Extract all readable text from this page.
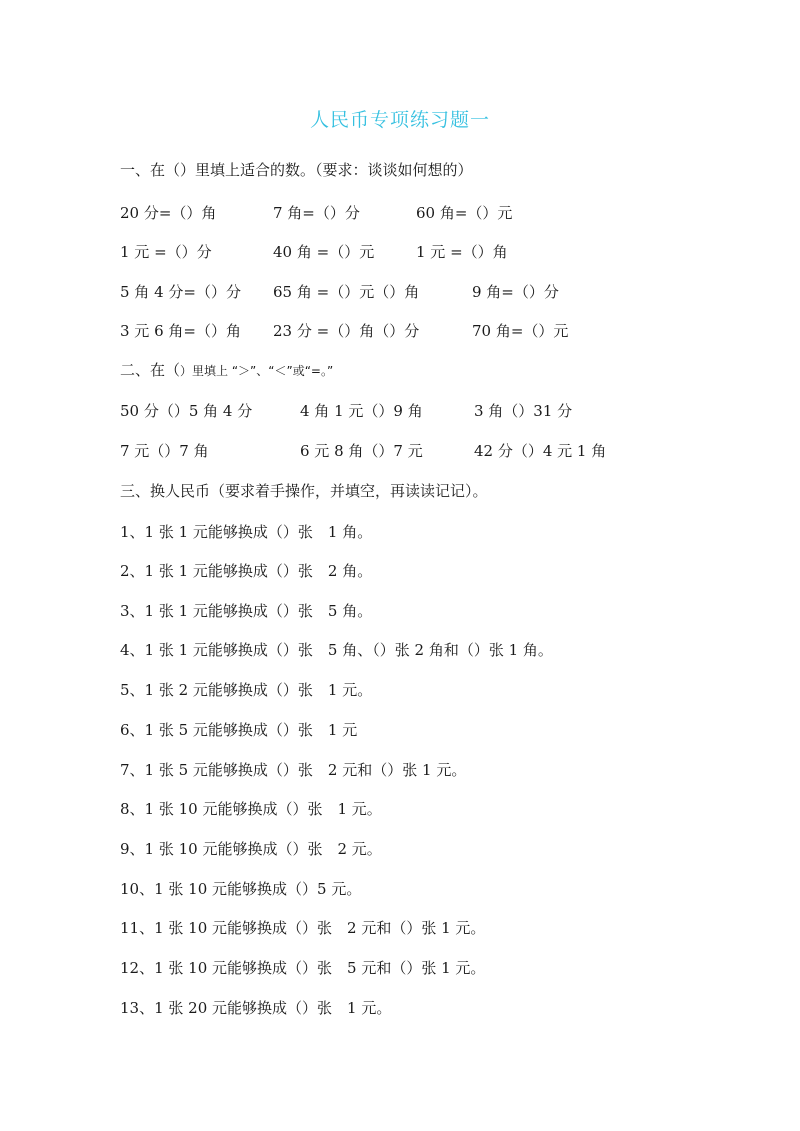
人民币专项练习题一
一、在（）里填上适合的数。（要求：谈谈如何想的）
20 分=（）角	7 角=（）分	60 角=（）元
1 元 =（）分	40 角 =（）元	1 元 =（）角
5 角 4 分=（）分 65 角 =（）元（）角	9 角=（）分
3 元 6 角=（）角 23 分 =（）角（）分	70 角=（）元
二、在（）里填上 “＞”、“＜”或“=。”
50 分（）5 角 4 分	4 角 1 元（）9 角	3 角（）31 分
7 元（）7 角	6 元 8 角（）7 元	42 分（）4 元 1 角
三、换人民币（要求着手操作，并填空，再读读记记）。
1、1 张 1 元能够换成（）张　1 角。
2、1 张 1 元能够换成（）张　2 角。
3、1 张 1 元能够换成（）张　5 角。
4、1 张 1 元能够换成（）张　5 角、（）张 2 角和（）张 1 角。
5、1 张 2 元能够换成（）张　1 元。
6、1 张 5 元能够换成（）张　1 元
7、1 张 5 元能够换成（）张　2 元和（）张 1 元。
8、1 张 10 元能够换成（）张　1 元。
9、1 张 10 元能够换成（）张　2 元。
10、1 张 10 元能够换成（）5 元。
11、1 张 10 元能够换成（）张　2 元和（）张 1 元。
12、1 张 10 元能够换成（）张　5 元和（）张 1 元。
13、1 张 20 元能够换成（）张　1 元。
